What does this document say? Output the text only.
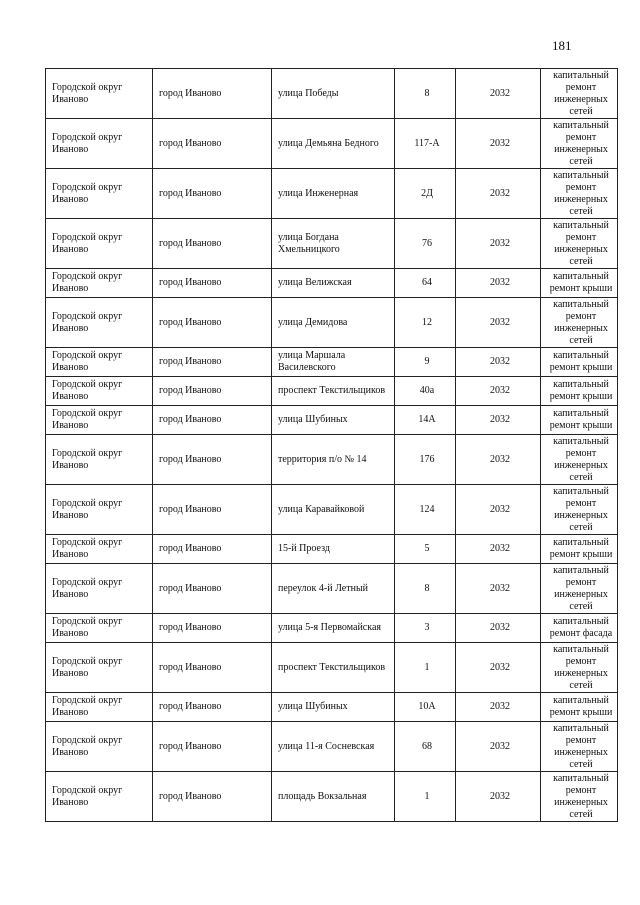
181
Городской округ Иваново	город Иваново	улица Победы	8	2032	капитальный ремонт инженерных сетей
Городской округ Иваново	город Иваново	улица Демьяна Бедного	117-А	2032	капитальный ремонт инженерных сетей
Городской округ Иваново	город Иваново	улица Инженерная	2Д	2032	капитальный ремонт инженерных сетей
Городской округ Иваново	город Иваново	улица Богдана Хмельницкого	76	2032	капитальный ремонт инженерных сетей
Городской округ Иваново	город Иваново	улица Велижская	64	2032	капитальный ремонт крыши
Городской округ Иваново	город Иваново	улица Демидова	12	2032	капитальный ремонт инженерных сетей
Городской округ Иваново	город Иваново	улица Маршала Василевского	9	2032	капитальный ремонт крыши
Городской округ Иваново	город Иваново	проспект Текстильщиков	40а	2032	капитальный ремонт крыши
Городской округ Иваново	город Иваново	улица Шубиных	14А	2032	капитальный ремонт крыши
Городской округ Иваново	город Иваново	территория п/о № 14	176	2032	капитальный ремонт инженерных сетей
Городской округ Иваново	город Иваново	улица Каравайковой	124	2032	капитальный ремонт инженерных сетей
Городской округ Иваново	город Иваново	15-й Проезд	5	2032	капитальный ремонт крыши
Городской округ Иваново	город Иваново	переулок 4-й Летный	8	2032	капитальный ремонт инженерных сетей
Городской округ Иваново	город Иваново	улица 5-я Первомайская	3	2032	капитальный ремонт фасада
Городской округ Иваново	город Иваново	проспект Текстильщиков	1	2032	капитальный ремонт инженерных сетей
Городской округ Иваново	город Иваново	улица Шубиных	10А	2032	капитальный ремонт крыши
Городской округ Иваново	город Иваново	улица 11-я Сосневская	68	2032	капитальный ремонт инженерных сетей
Городской округ Иваново	город Иваново	площадь Вокзальная	1	2032	капитальный ремонт инженерных сетей
